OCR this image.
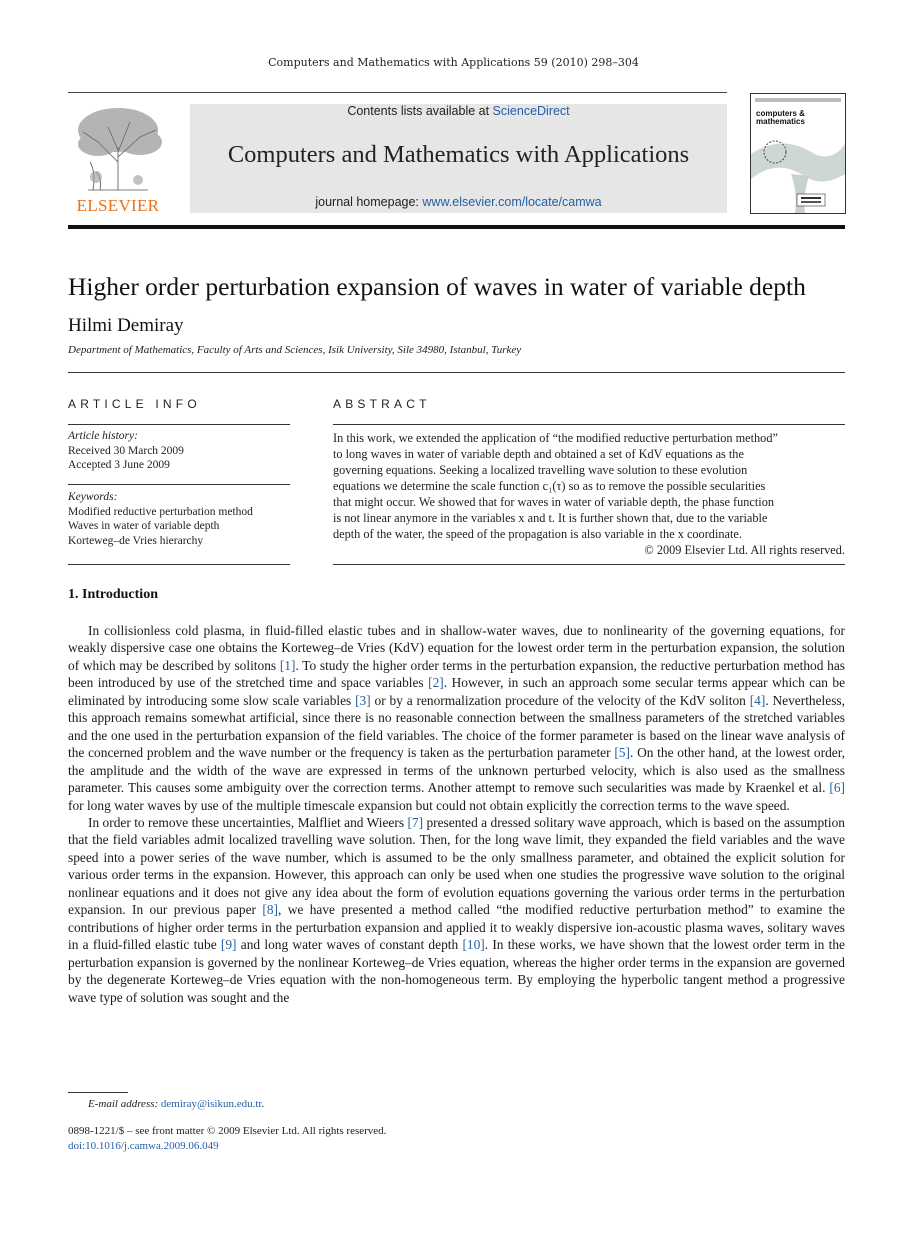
Computers and Mathematics with Applications 59 (2010) 298–304
ELSEVIER
Contents lists available at ScienceDirect
Computers and Mathematics with Applications
journal homepage: www.elsevier.com/locate/camwa
computers & mathematics
Higher order perturbation expansion of waves in water of variable depth
Hilmi Demiray
Department of Mathematics, Faculty of Arts and Sciences, Isik University, Sile 34980, Istanbul, Turkey
ARTICLE INFO
Article history:
Received 30 March 2009
Accepted 3 June 2009
Keywords:
Modified reductive perturbation method
Waves in water of variable depth
Korteweg–de Vries hierarchy
ABSTRACT
In this work, we extended the application of “the modified reductive perturbation method”
to long waves in water of variable depth and obtained a set of KdV equations as the
governing equations. Seeking a localized travelling wave solution to these evolution
equations we determine the scale function c₁(τ) so as to remove the possible secularities
that might occur. We showed that for waves in water of variable depth, the phase function
is not linear anymore in the variables x and t. It is further shown that, due to the variable
depth of the water, the speed of the propagation is also variable in the x coordinate.
© 2009 Elsevier Ltd. All rights reserved.
1. Introduction

In collisionless cold plasma, in fluid-filled elastic tubes and in shallow-water waves, due to nonlinearity of the governing equations, for weakly dispersive case one obtains the Korteweg–de Vries (KdV) equation for the lowest order term in the perturbation expansion, the solution of which may be described by solitons [1]. To study the higher order terms in the perturbation expansion, the reductive perturbation method has been introduced by use of the stretched time and space variables [2]. However, in such an approach some secular terms appear which can be eliminated by introducing some slow scale variables [3] or by a renormalization procedure of the velocity of the KdV soliton [4]. Nevertheless, this approach remains somewhat artificial, since there is no reasonable connection between the smallness parameters of the stretched variables and the one used in the perturbation expansion of the field variables. The choice of the former parameter is based on the linear wave analysis of the concerned problem and the wave number or the frequency is taken as the perturbation parameter [5]. On the other hand, at the lowest order, the amplitude and the width of the wave are expressed in terms of the unknown perturbed velocity, which is also used as the smallness parameter. This causes some ambiguity over the correction terms. Another attempt to remove such secularities was made by Kraenkel et al. [6] for long water waves by use of the multiple timescale expansion but could not obtain explicitly the correction terms to the wave speed.

In order to remove these uncertainties, Malfliet and Wieers [7] presented a dressed solitary wave approach, which is based on the assumption that the field variables admit localized travelling wave solution. Then, for the long wave limit, they expanded the field variables and the wave speed into a power series of the wave number, which is assumed to be the only smallness parameter, and obtained the explicit solution for various order terms in the expansion. However, this approach can only be used when one studies the progressive wave solution to the original nonlinear equations and it does not give any idea about the form of evolution equations governing the various order terms in the perturbation expansion. In our previous paper [8], we have presented a method called “the modified reductive perturbation method” to examine the contributions of higher order terms in the perturbation expansion and applied it to weakly dispersive ion-acoustic plasma waves, solitary waves in a fluid-filled elastic tube [9] and long water waves of constant depth [10]. In these works, we have shown that the lowest order term in the perturbation expansion is governed by the nonlinear Korteweg–de Vries equation, whereas the higher order terms in the expansion are governed by the degenerate Korteweg–de Vries equation with the non-homogeneous term. By employing the hyperbolic tangent method a progressive wave type of solution was sought and the

E-mail address: demiray@isikun.edu.tr.
0898-1221/$ – see front matter © 2009 Elsevier Ltd. All rights reserved.
doi:10.1016/j.camwa.2009.06.049
